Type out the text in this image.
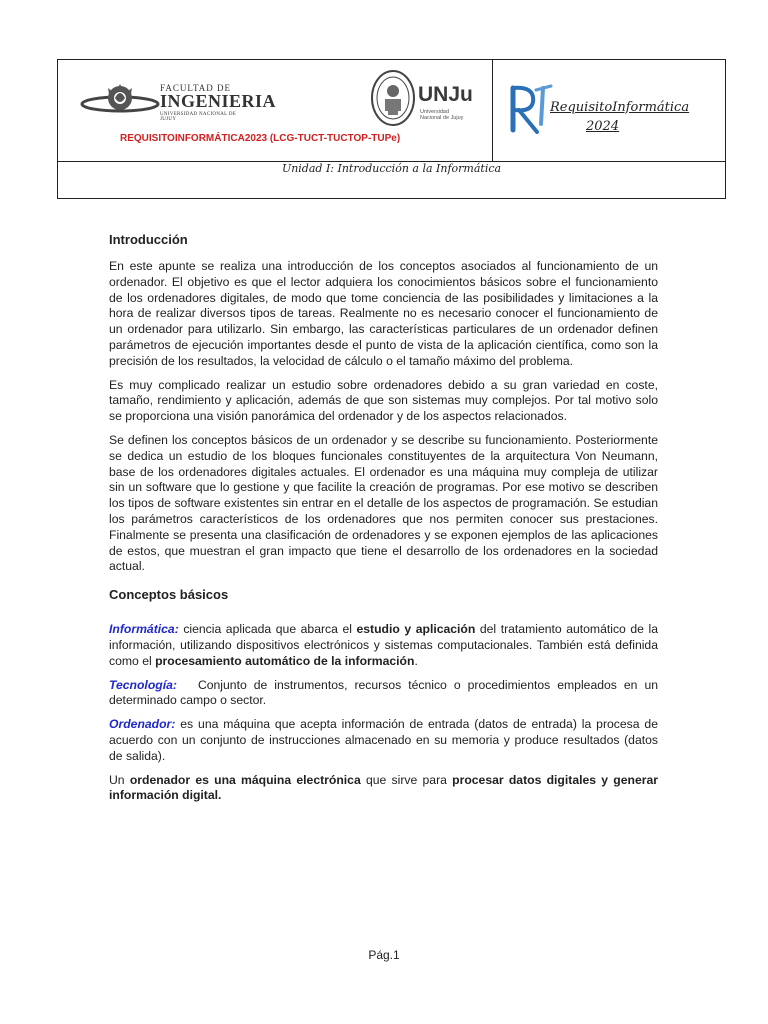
FACULTAD DE
INGENIERIA
UNIVERSIDAD NACIONAL DE JUJUY
UNJu
Universidad
Nacional de Jujuy
REQUISITOINFORMÁTICA2023 (LCG-TUCT-TUCTOP-TUPe)
RequisitoInformática
2024
Unidad I: Introducción a la Informática
Introducción

En este apunte se realiza una introducción de los conceptos asociados al funcionamiento de un ordenador. El objetivo es que el lector adquiera los conocimientos básicos sobre el funcionamiento de los ordenadores digitales, de modo que tome conciencia de las posibilidades y limitaciones a la hora de realizar diversos tipos de tareas. Realmente no es necesario conocer el funcionamiento de un ordenador para utilizarlo. Sin embargo, las características particulares de un ordenador definen parámetros de ejecución importantes desde el punto de vista de la aplicación científica, como son la precisión de los resultados, la velocidad de cálculo o el tamaño máximo del problema.

Es muy complicado realizar un estudio sobre ordenadores debido a su gran variedad en coste, tamaño, rendimiento y aplicación, además de que son sistemas muy complejos. Por tal motivo solo se proporciona una visión panorámica del ordenador y de los aspectos relacionados.

Se definen los conceptos básicos de un ordenador y se describe su funcionamiento. Posteriormente se dedica un estudio de los bloques funcionales constituyentes de la arquitectura Von Neumann, base de los ordenadores digitales actuales. El ordenador es una máquina muy compleja de utilizar sin un software que lo gestione y que facilite la creación de programas. Por ese motivo se describen los tipos de software existentes sin entrar en el detalle de los aspectos de programación. Se estudian los parámetros característicos de los ordenadores que nos permiten conocer sus prestaciones. Finalmente se presenta una clasificación de ordenadores y se exponen ejemplos de las aplicaciones de estos, que muestran el gran impacto que tiene el desarrollo de los ordenadores en la sociedad actual.

Conceptos básicos

Informática: ciencia aplicada que abarca el estudio y aplicación del tratamiento automático de la información, utilizando dispositivos electrónicos y sistemas computacionales. También está definida como el procesamiento automático de la información.

Tecnología:   Conjunto de instrumentos, recursos técnico o procedimientos empleados en un determinado campo o sector.

Ordenador: es una máquina que acepta información de entrada (datos de entrada) la procesa de acuerdo con un conjunto de instrucciones almacenado en su memoria y produce resultados (datos de salida).

Un ordenador es una máquina electrónica que sirve para procesar datos digitales y generar información digital.

Pág.1
